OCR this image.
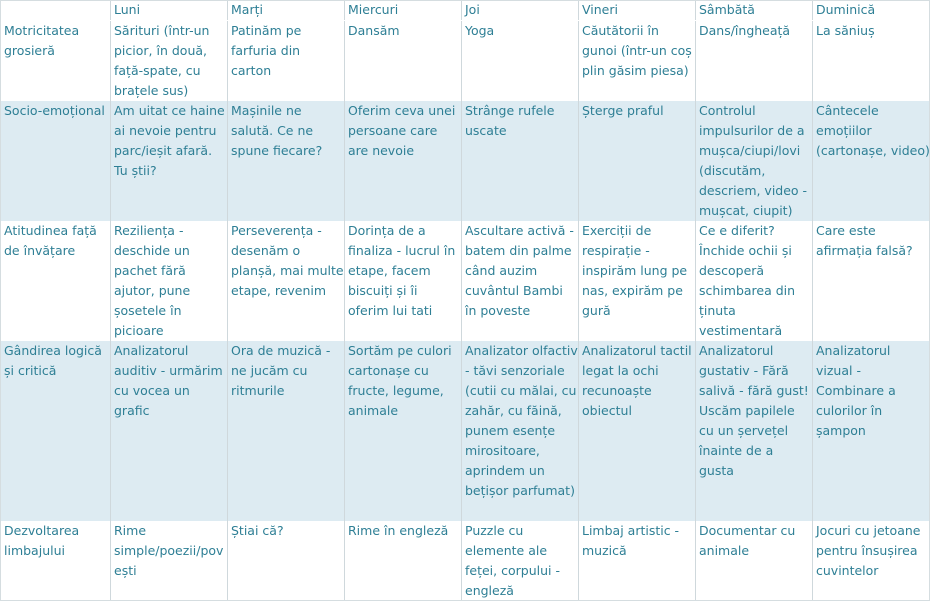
	Luni	Marți	Miercuri	Joi	Vineri	Sâmbătă	Duminică
Motricitatea grosieră	Sărituri (într-un picior, în două, față-spate, cu brațele sus)	Patinăm pe farfuria din carton	Dansăm	Yoga	Căutătorii în gunoi (într-un coș plin găsim piesa)	Dans/îngheață	La săniuș
Socio-emoțional	Am uitat ce haine ai nevoie pentru parc/ieșit afară. Tu știi?	Mașinile ne salută. Ce ne spune fiecare?	Oferim ceva unei persoane care are nevoie	Strânge rufele uscate	Șterge praful	Controlul impulsurilor de a mușca/ciupi/lovi (discutăm, descriem, video - mușcat, ciupit)	Cântecele emoțiilor (cartonașe, video)
Atitudinea față de învățare	Reziliența - deschide un pachet fără ajutor, pune șosetele în picioare	Perseverența - desenăm o planșă, mai multe etape, revenim	Dorința de a finaliza - lucrul în etape, facem biscuiți și îi oferim lui tati	Ascultare activă - batem din palme când auzim cuvântul Bambi în poveste	Exerciții de respirație - inspirăm lung pe nas, expirăm pe gură	Ce e diferit? Închide ochii și descoperă schimbarea din ținuta vestimentară	Care este afirmația falsă?
Gândirea logică și critică	Analizatorul auditiv - urmărim cu vocea un grafic	Ora de muzică - ne jucăm cu ritmurile	Sortăm pe culori cartonașe cu fructe, legume, animale	Analizator olfactiv - tăvi senzoriale (cutii cu mălai, cu zahăr, cu făină, punem esențe mirositoare, aprindem un bețișor parfumat)	Analizatorul tactil legat la ochi recunoaște obiectul	Analizatorul gustativ - Fără salivă - fără gust! Uscăm papilele cu un șervețel înainte de a gusta	Analizatorul vizual - Combinare a culorilor în șampon
Dezvoltarea limbajului	Rime simple/poezii/povești	Știai că?	Rime în engleză	Puzzle cu elemente ale feței, corpului - engleză	Limbaj artistic - muzică	Documentar cu animale	Jocuri cu jetoane pentru însușirea cuvintelor
